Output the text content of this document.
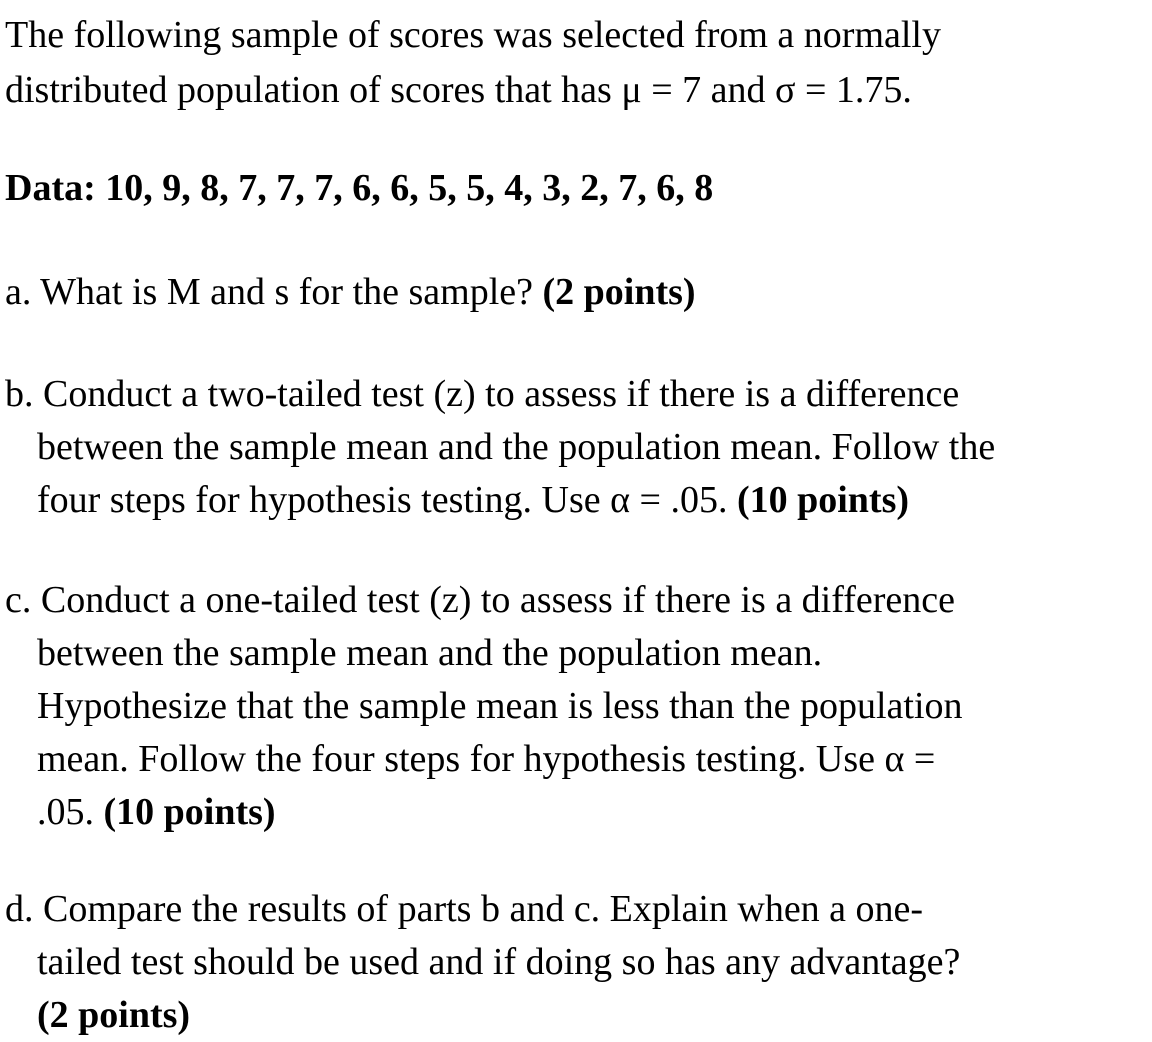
The following sample of scores was selected from a normally

distributed population of scores that has μ = 7 and σ = 1.75.

Data: 10, 9, 8, 7, 7, 7, 6, 6, 5, 5, 4, 3, 2, 7, 6, 8

a. What is M and s for the sample? (2 points)

b. Conduct a two-tailed test (z) to assess if there is a difference

between the sample mean and the population mean. Follow the

four steps for hypothesis testing. Use α = .05. (10 points)

c. Conduct a one-tailed test (z) to assess if there is a difference

between the sample mean and the population mean.

Hypothesize that the sample mean is less than the population

mean. Follow the four steps for hypothesis testing. Use α =

.05. (10 points)

d. Compare the results of parts b and c. Explain when a one-

tailed test should be used and if doing so has any advantage?

(2 points)
